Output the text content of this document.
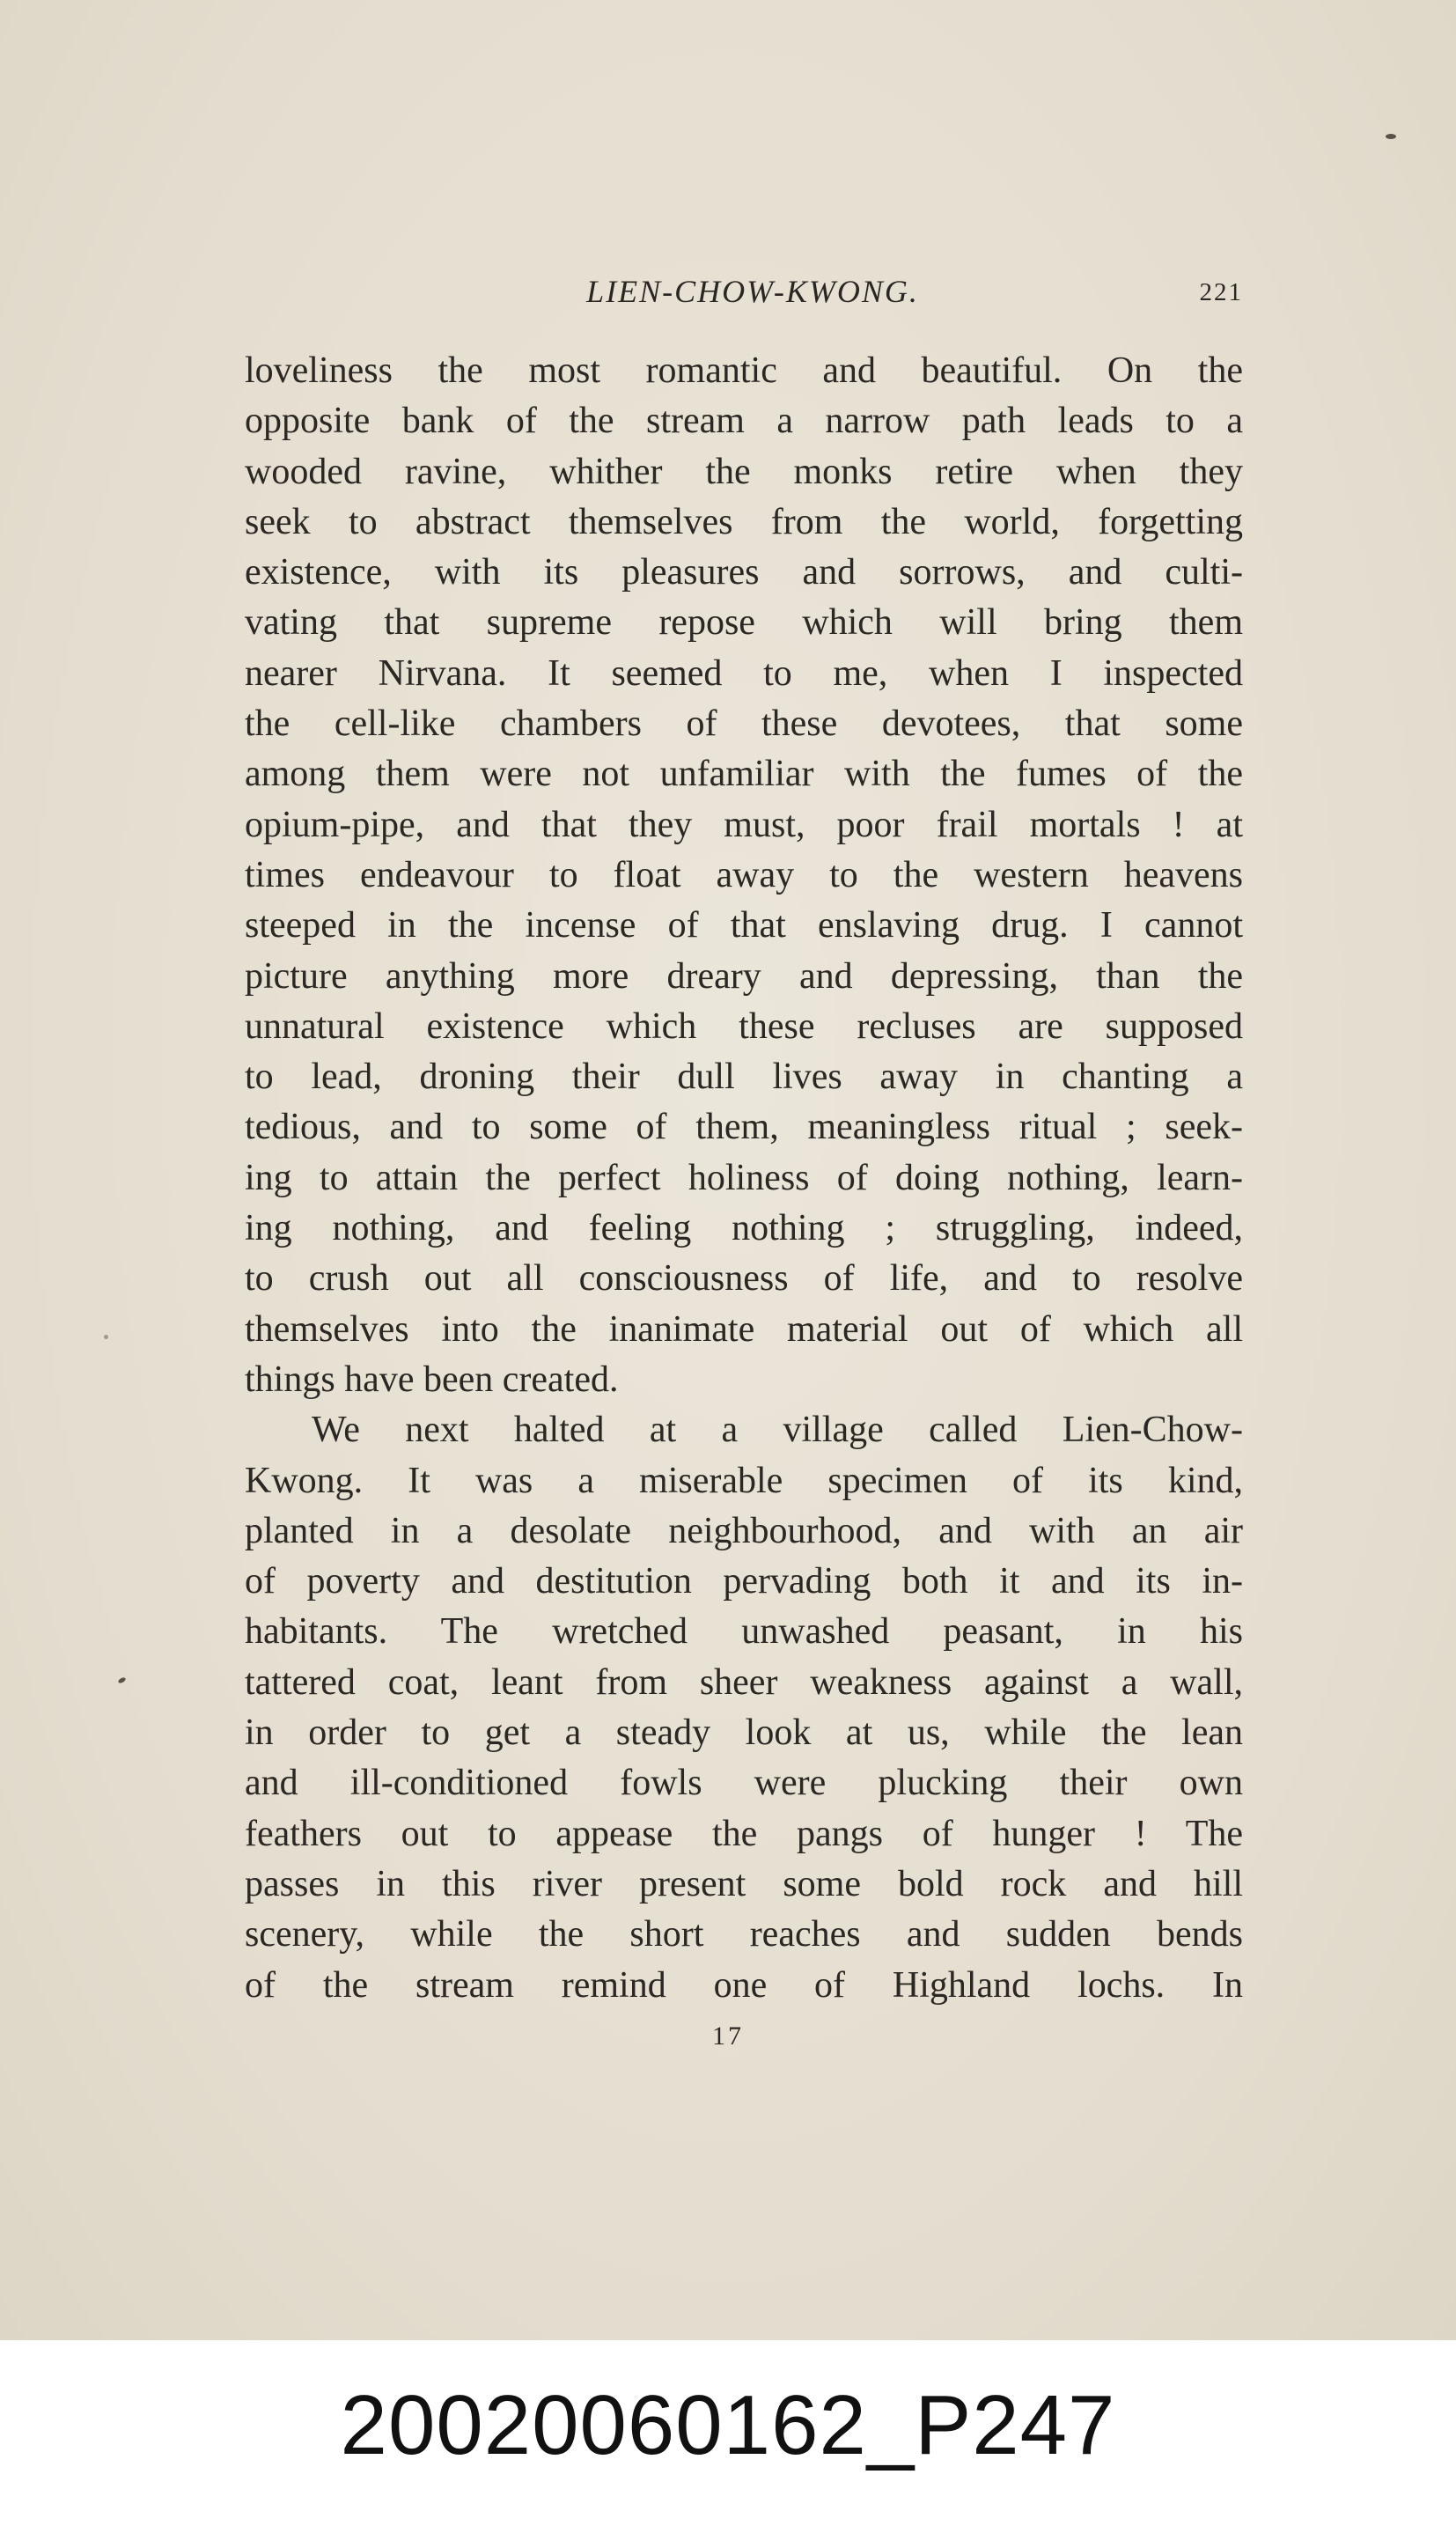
LIEN-CHOW-KWONG.	221
loveliness the most romantic and beautiful. On the
opposite bank of the stream a narrow path leads to a
wooded ravine, whither the monks retire when they
seek to abstract themselves from the world, forgetting
existence, with its pleasures and sorrows, and culti-
vating that supreme repose which will bring them
nearer Nirvana. It seemed to me, when I inspected
the cell-like chambers of these devotees, that some
among them were not unfamiliar with the fumes of the
opium-pipe, and that they must, poor frail mortals ! at
times endeavour to float away to the western heavens
steeped in the incense of that enslaving drug. I cannot
picture anything more dreary and depressing, than the
unnatural existence which these recluses are supposed
to lead, droning their dull lives away in chanting a
tedious, and to some of them, meaningless ritual ; seek-
ing to attain the perfect holiness of doing nothing, learn-
ing nothing, and feeling nothing ; struggling, indeed,
to crush out all consciousness of life, and to resolve
themselves into the inanimate material out of which all
things have been created.
We next halted at a village called Lien-Chow-
Kwong. It was a miserable specimen of its kind,
planted in a desolate neighbourhood, and with an air
of poverty and destitution pervading both it and its in-
habitants. The wretched unwashed peasant, in his
tattered coat, leant from sheer weakness against a wall,
in order to get a steady look at us, while the lean
and ill-conditioned fowls were plucking their own
feathers out to appease the pangs of hunger ! The
passes in this river present some bold rock and hill
scenery, while the short reaches and sudden bends
of the stream remind one of Highland lochs. In
17
20020060162_P247
